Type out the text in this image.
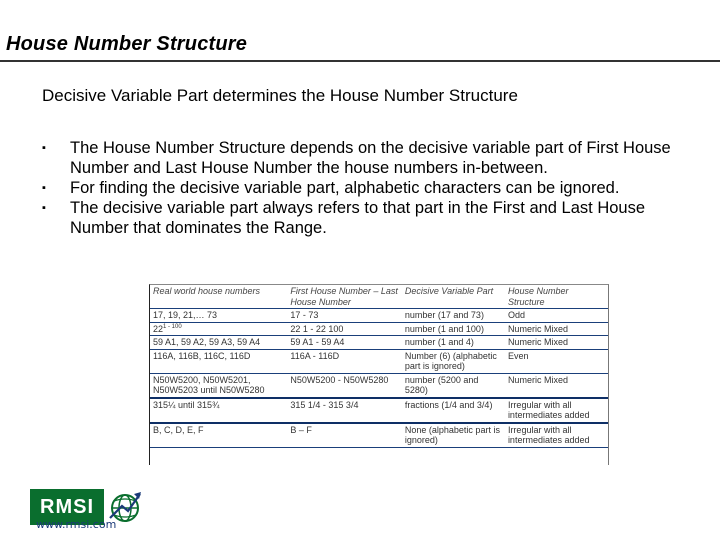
House Number Structure
Decisive Variable Part determines the House Number Structure
▪ The House Number Structure depends on the decisive variable part of First House Number and Last House Number the house numbers in-between.
▪ For finding the decisive variable part, alphabetic characters can be ignored.
▪ The decisive variable part always refers to that part in the First and Last House Number that dominates the Range.
Real world house numbers	First House Number – Last House Number	Decisive Variable Part	House Number Structure
17, 19, 21,… 73	17 - 73	number (17 and 73)	Odd
22$^{1 - 100}$	22 1 - 22 100	number (1 and 100)	Numeric Mixed
59 A1, 59 A2, 59 A3, 59 A4	59 A1 - 59 A4	number (1 and 4)	Numeric Mixed
116A, 116B, 116C, 116D	116A - 116D	Number (6) (alphabetic part is ignored)	Even
N50W5200, N50W5201, N50W5203 until N50W5280	N50W5200 - N50W5280	number (5200 and 5280)	Numeric Mixed
315¼ until 315¾	315 1/4 - 315 3/4	fractions (1/4 and 3/4)	Irregular with all intermediates added
B, C, D, E, F	B – F	None (alphabetic part is ignored)	Irregular with all intermediates added
RMSI
www.rmsi.com
